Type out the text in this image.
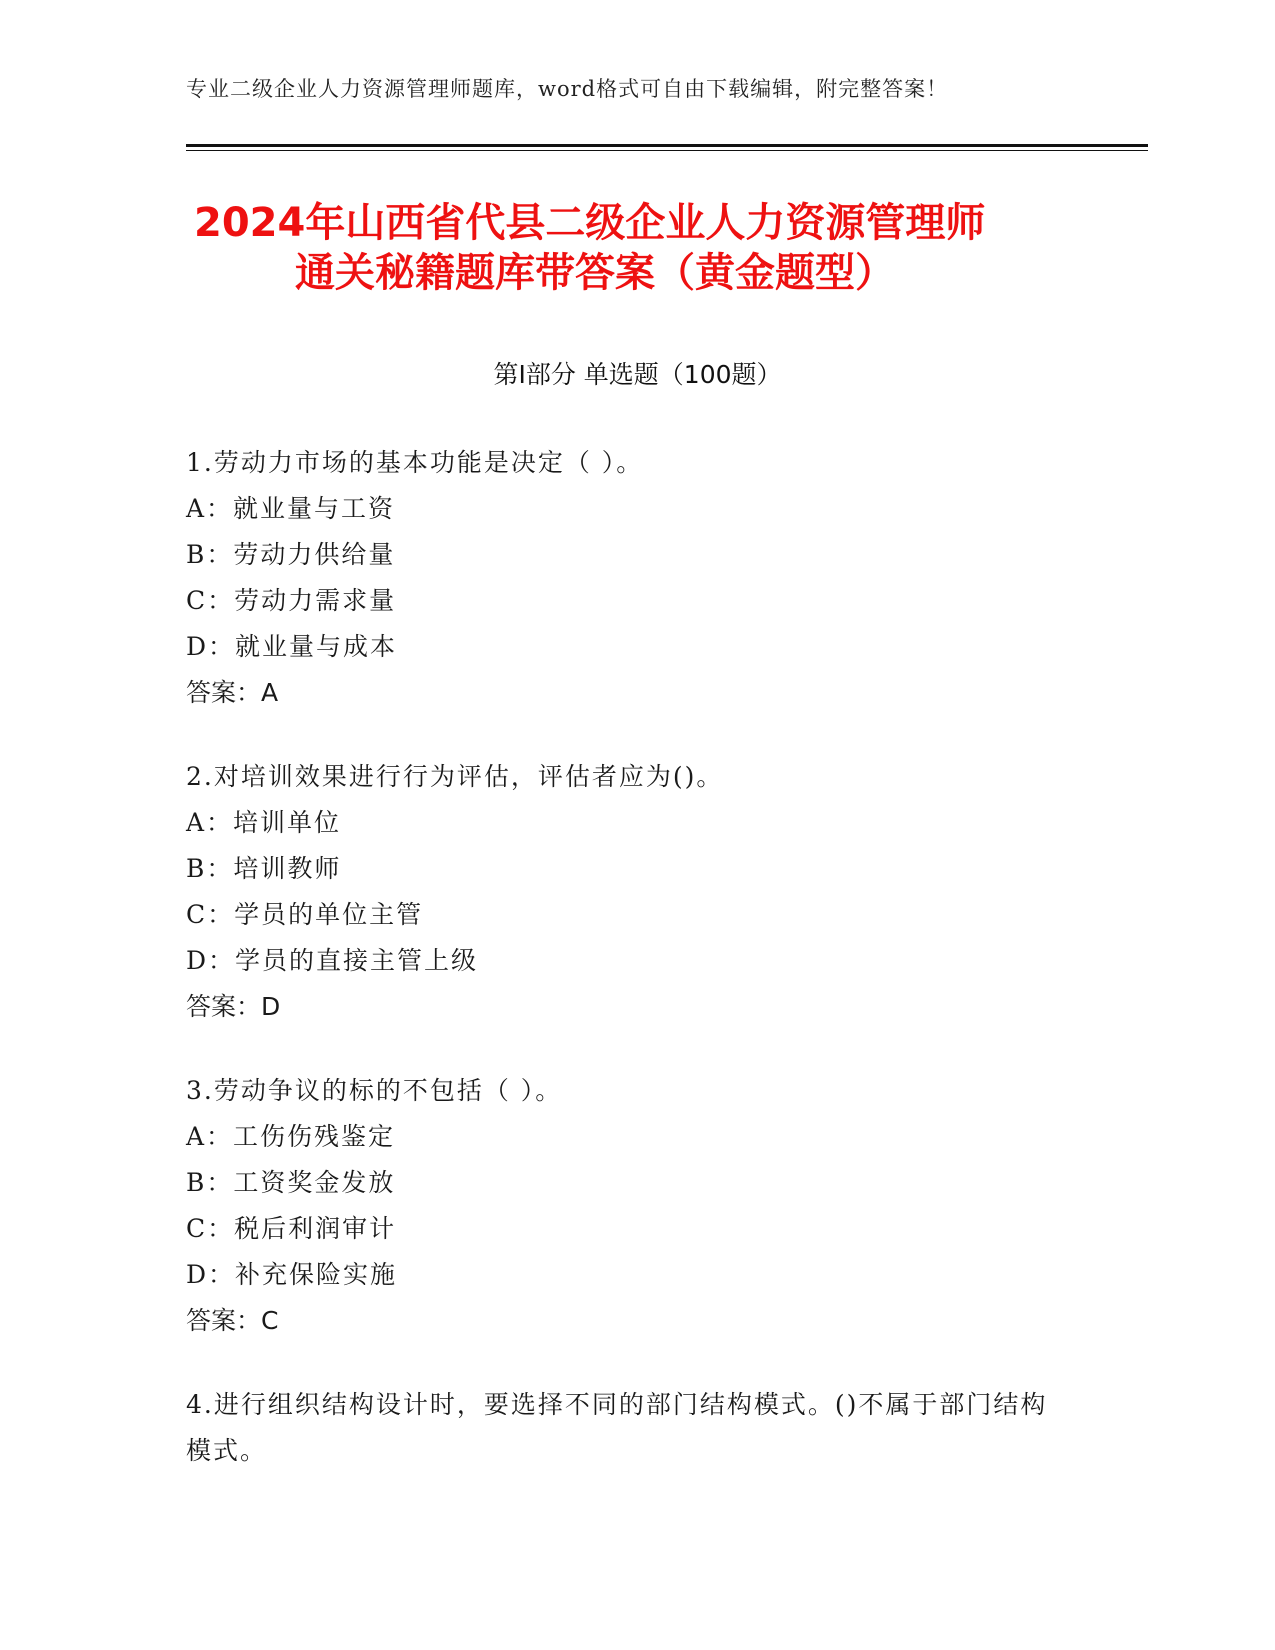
专业二级企业人力资源管理师题库，word格式可自由下载编辑，附完整答案！
2024年山西省代县二级企业人力资源管理师
通关秘籍题库带答案（黄金题型）
第Ⅰ部分 单选题（100题）
1.劳动力市场的基本功能是决定（ ）。
A：就业量与工资
B：劳动力供给量
C：劳动力需求量
D：就业量与成本
答案：A
2.对培训效果进行行为评估，评估者应为()。
A：培训单位
B：培训教师
C：学员的单位主管
D：学员的直接主管上级
答案：D
3.劳动争议的标的不包括（ ）。
A：工伤伤残鉴定
B：工资奖金发放
C：税后利润审计
D：补充保险实施
答案：C
4.进行组织结构设计时，要选择不同的部门结构模式。()不属于部门结构模式。
